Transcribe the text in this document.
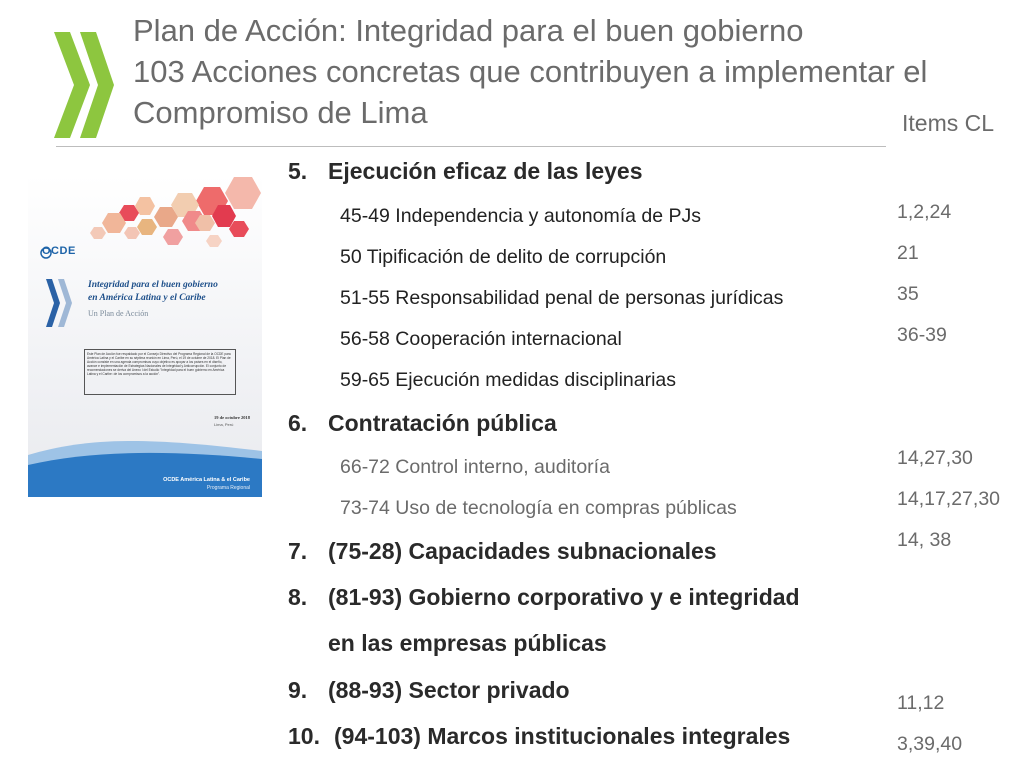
Plan de Acción: Integridad para el buen gobierno
103 Acciones concretas que contribuyen a implementar el
Compromiso de Lima	Items CL
OCDE
Integridad para el buen gobierno
en América Latina y el Caribe
Un Plan de Acción
Este Plan de Acción fue respaldado por el Consejo Directivo del Programa Regional de la OCDE para América Latina y el Caribe en su séptima reunión en Lima, Perú, el 19 de octubre de 2018. El Plan de Acción consiste en una agenda compromisos cuyo objetivo es apoyar a los países en el diseño, avance e implementación de Estrategias Nacionales de Integridad y Anticorrupción. El conjunto de recomendaciones se deriva del Anexo I del Estudio "Integridad para el buen gobierno en América Latina y el Caribe: de los compromisos a la acción".
19 de octubre 2018
Lima, Perú
OCDE América Latina & el Caribe
Programa Regional
5. Ejecución eficaz de las leyes
45-49 Independencia y autonomía de PJs
50 Tipificación de delito de corrupción
51-55 Responsabilidad penal de personas jurídicas
56-58 Cooperación internacional
59-65 Ejecución medidas disciplinarias
6. Contratación pública
66-72 Control interno, auditoría
73-74 Uso de tecnología en compras públicas
7. (75-28) Capacidades subnacionales
8. (81-93) Gobierno corporativo y e integridad
en las empresas públicas
9. (88-93) Sector privado
10. (94-103) Marcos institucionales integrales
1,2,24
21
35
36-39
14,27,30
14,17,27,30
14, 38
11,12
3,39,40
